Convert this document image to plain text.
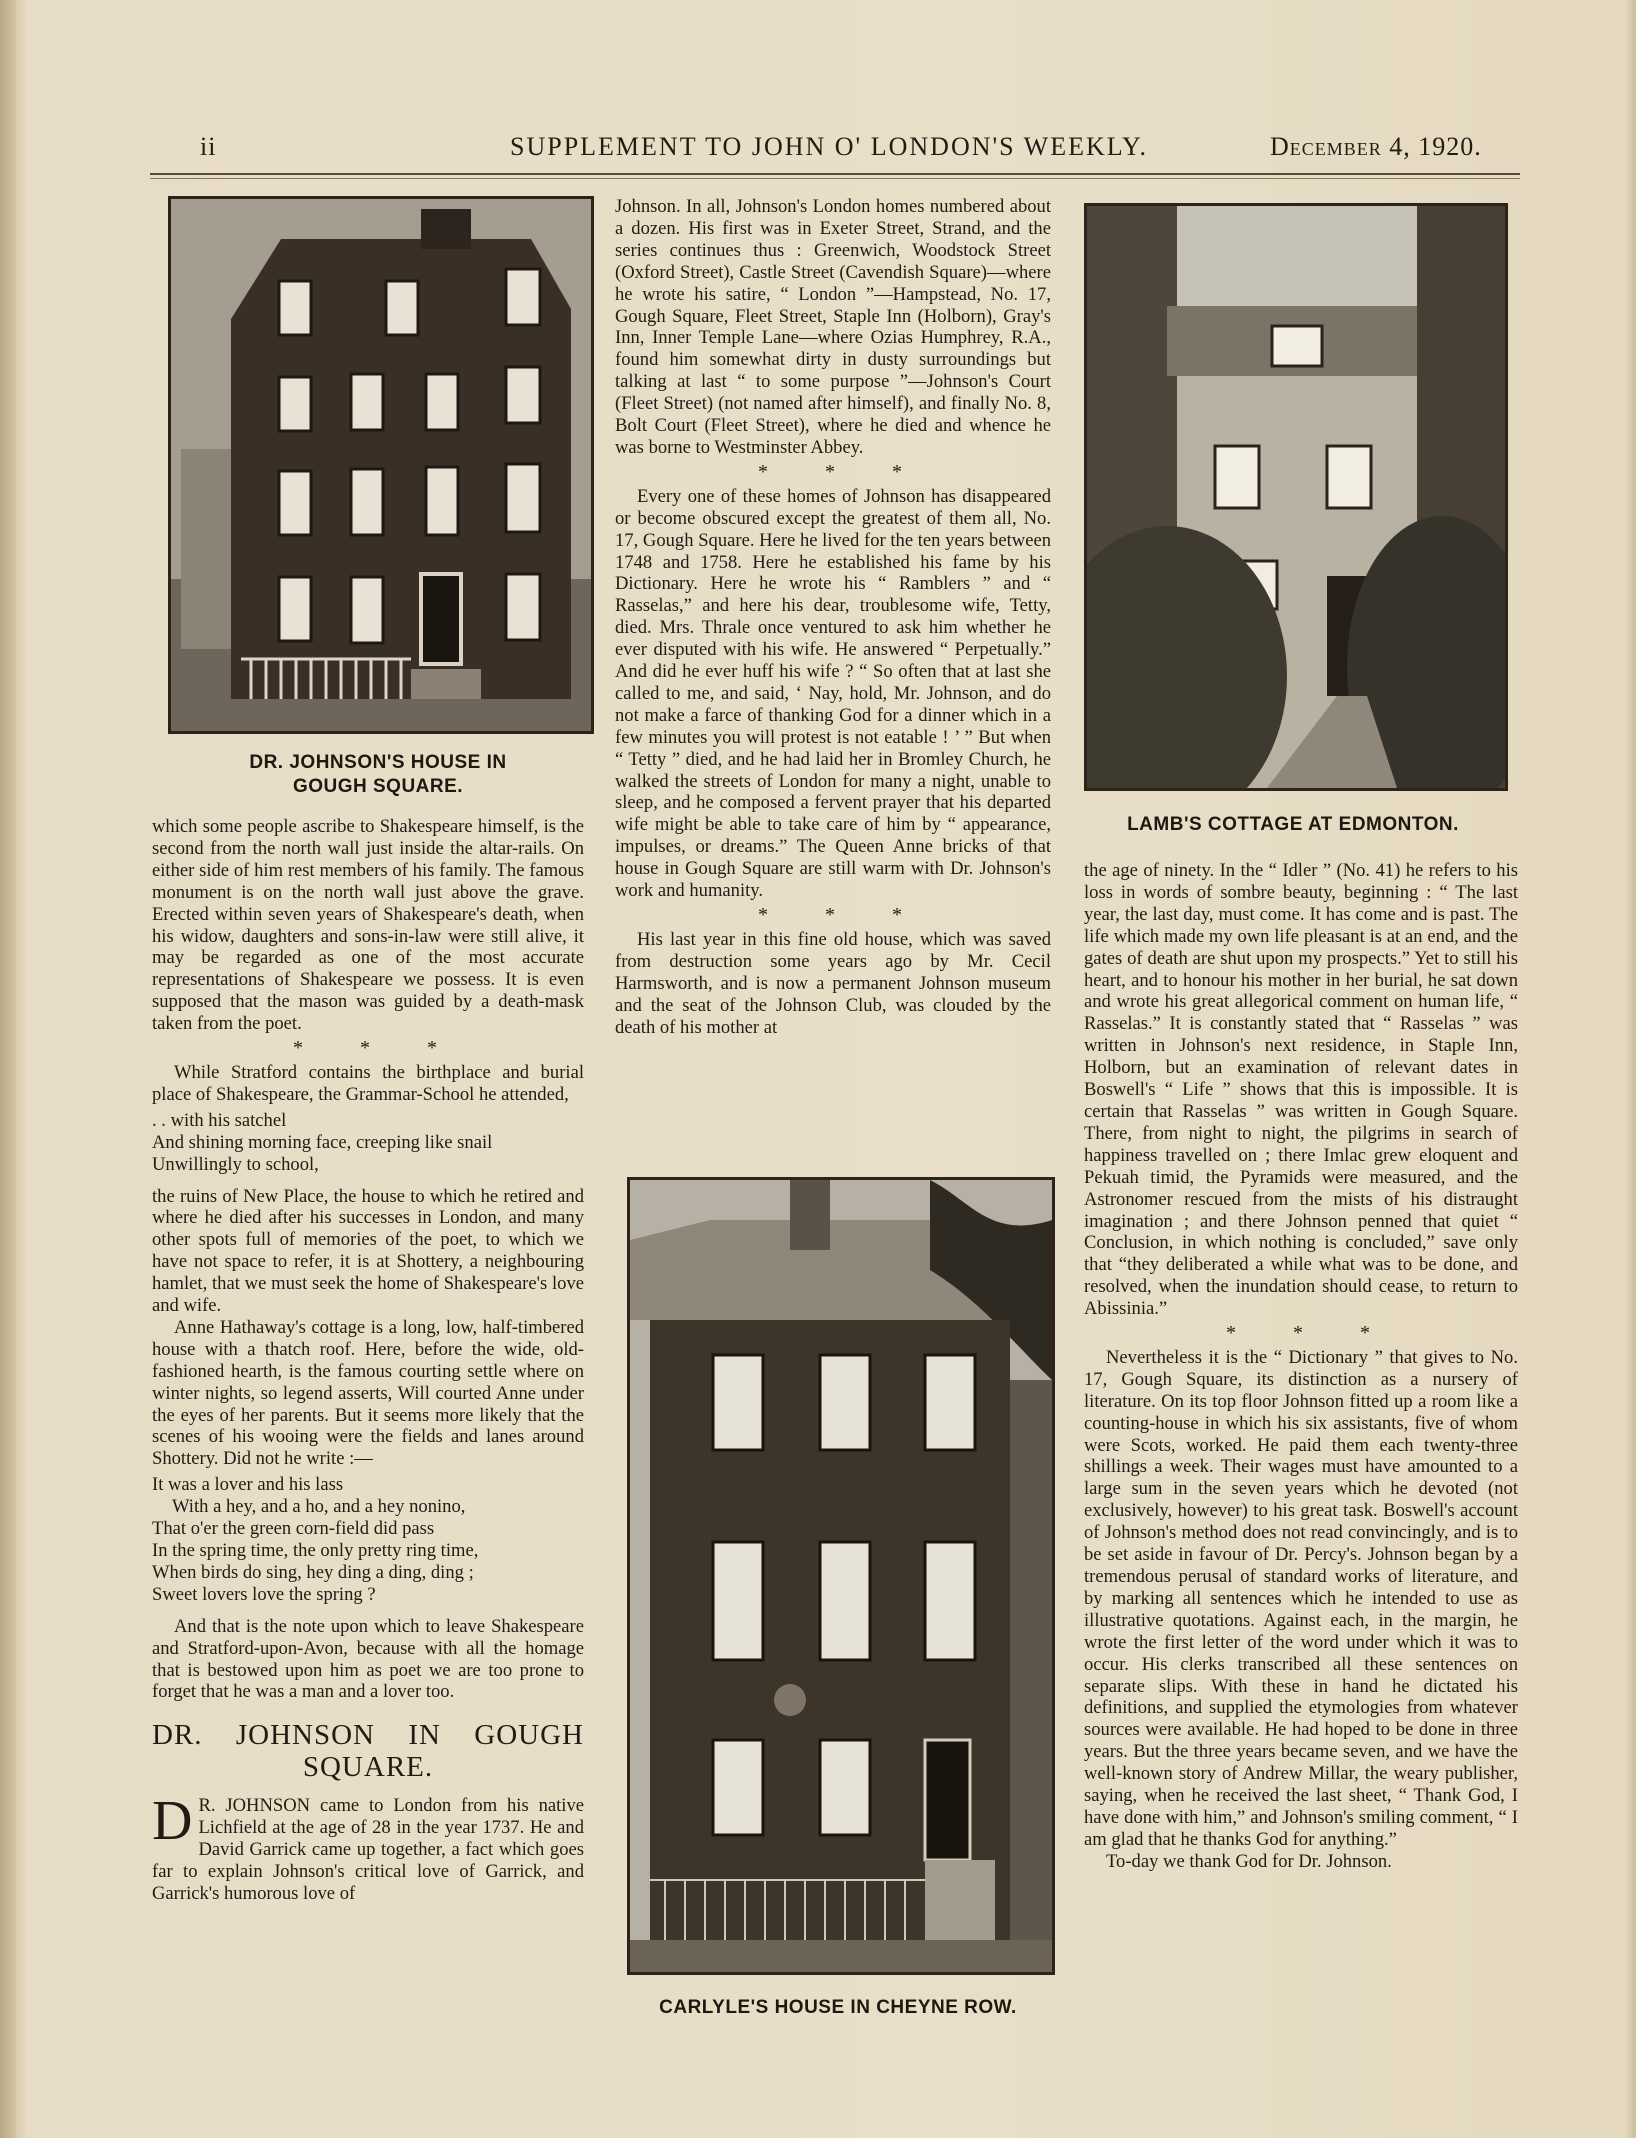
ii	SUPPLEMENT TO JOHN O' LONDON'S WEEKLY.	December 4, 1920.
DR. JOHNSON'S HOUSE IN
GOUGH SQUARE.
LAMB'S COTTAGE AT EDMONTON.
CARLYLE'S HOUSE IN CHEYNE ROW.

which some people ascribe to Shakespeare himself, is the second from the north wall just inside the altar-rails. On either side of him rest members of his family. The famous monument is on the north wall just above the grave. Erected within seven years of Shakespeare's death, when his widow, daughters and sons-in-law were still alive, it may be regarded as one of the most accurate representations of Shakespeare we possess. It is even supposed that the mason was guided by a death-mask taken from the poet.

* * *

While Stratford contains the birthplace and burial place of Shakespeare, the Grammar-School he attended,

. . with his satchel
And shining morning face, creeping like snail
Unwillingly to school,

the ruins of New Place, the house to which he retired and where he died after his successes in London, and many other spots full of memories of the poet, to which we have not space to refer, it is at Shottery, a neighbouring hamlet, that we must seek the home of Shakespeare's love and wife.

Anne Hathaway's cottage is a long, low, half-timbered house with a thatch roof. Here, before the wide, old-fashioned hearth, is the famous courting settle where on winter nights, so legend asserts, Will courted Anne under the eyes of her parents. But it seems more likely that the scenes of his wooing were the fields and lanes around Shottery. Did not he write :—

It was a lover and his lass
With a hey, and a ho, and a hey nonino,
That o'er the green corn-field did pass
In the spring time, the only pretty ring time,
When birds do sing, hey ding a ding, ding ;
Sweet lovers love the spring ?

And that is the note upon which to leave Shakespeare and Stratford-upon-Avon, because with all the homage that is bestowed upon him as poet we are too prone to forget that he was a man and a lover too.

DR. JOHNSON IN GOUGH
SQUARE.

D R. JOHNSON came to London from his native Lichfield at the age of 28 in the year 1737. He and David Garrick came up together, a fact which goes far to explain Johnson's critical love of Garrick, and Garrick's humorous love of

Johnson. In all, Johnson's London homes numbered about a dozen. His first was in Exeter Street, Strand, and the series continues thus : Greenwich, Woodstock Street (Oxford Street), Castle Street (Cavendish Square)—where he wrote his satire, “ London ”—Hampstead, No. 17, Gough Square, Fleet Street, Staple Inn (Holborn), Gray's Inn, Inner Temple Lane—where Ozias Humphrey, R.A., found him somewhat dirty in dusty surroundings but talking at last “ to some purpose ”—Johnson's Court (Fleet Street) (not named after himself), and finally No. 8, Bolt Court (Fleet Street), where he died and whence he was borne to Westminster Abbey.

* * *

Every one of these homes of Johnson has disappeared or become obscured except the greatest of them all, No. 17, Gough Square. Here he lived for the ten years between 1748 and 1758. Here he established his fame by his Dictionary. Here he wrote his “ Ramblers ” and “ Rasselas,” and here his dear, troublesome wife, Tetty, died. Mrs. Thrale once ventured to ask him whether he ever disputed with his wife. He answered “ Perpetually.” And did he ever huff his wife ? “ So often that at last she called to me, and said, ‘ Nay, hold, Mr. Johnson, and do not make a farce of thanking God for a dinner which in a few minutes you will protest is not eatable ! ’ ” But when “ Tetty ” died, and he had laid her in Bromley Church, he walked the streets of London for many a night, unable to sleep, and he composed a fervent prayer that his departed wife might be able to take care of him by “ appearance, impulses, or dreams.” The Queen Anne bricks of that house in Gough Square are still warm with Dr. Johnson's work and humanity.

* * *

His last year in this fine old house, which was saved from destruction some years ago by Mr. Cecil Harmsworth, and is now a permanent Johnson museum and the seat of the Johnson Club, was clouded by the death of his mother at

the age of ninety. In the “ Idler ” (No. 41) he refers to his loss in words of sombre beauty, beginning : “ The last year, the last day, must come. It has come and is past. The life which made my own life pleasant is at an end, and the gates of death are shut upon my prospects.” Yet to still his heart, and to honour his mother in her burial, he sat down and wrote his great allegorical comment on human life, “ Rasselas.” It is constantly stated that “ Rasselas ” was written in Johnson's next residence, in Staple Inn, Holborn, but an examination of relevant dates in Boswell's “ Life ” shows that this is impossible. It is certain that Rasselas ” was written in Gough Square. There, from night to night, the pilgrims in search of happiness travelled on ; there Imlac grew eloquent and Pekuah timid, the Pyramids were measured, and the Astronomer rescued from the mists of his distraught imagination ; and there Johnson penned that quiet “ Conclusion, in which nothing is concluded,” save only that “they deliberated a while what was to be done, and resolved, when the inundation should cease, to return to Abissinia.”

* * *

Nevertheless it is the “ Dictionary ” that gives to No. 17, Gough Square, its distinction as a nursery of literature. On its top floor Johnson fitted up a room like a counting-house in which his six assistants, five of whom were Scots, worked. He paid them each twenty-three shillings a week. Their wages must have amounted to a large sum in the seven years which he devoted (not exclusively, however) to his great task. Boswell's account of Johnson's method does not read convincingly, and is to be set aside in favour of Dr. Percy's. Johnson began by a tremendous perusal of standard works of literature, and by marking all sentences which he intended to use as illustrative quotations. Against each, in the margin, he wrote the first letter of the word under which it was to occur. His clerks transcribed all these sentences on separate slips. With these in hand he dictated his definitions, and supplied the etymologies from whatever sources were available. He had hoped to be done in three years. But the three years became seven, and we have the well-known story of Andrew Millar, the weary publisher, saying, when he received the last sheet, “ Thank God, I have done with him,” and Johnson's smiling comment, “ I am glad that he thanks God for anything.”

To-day we thank God for Dr. Johnson.
